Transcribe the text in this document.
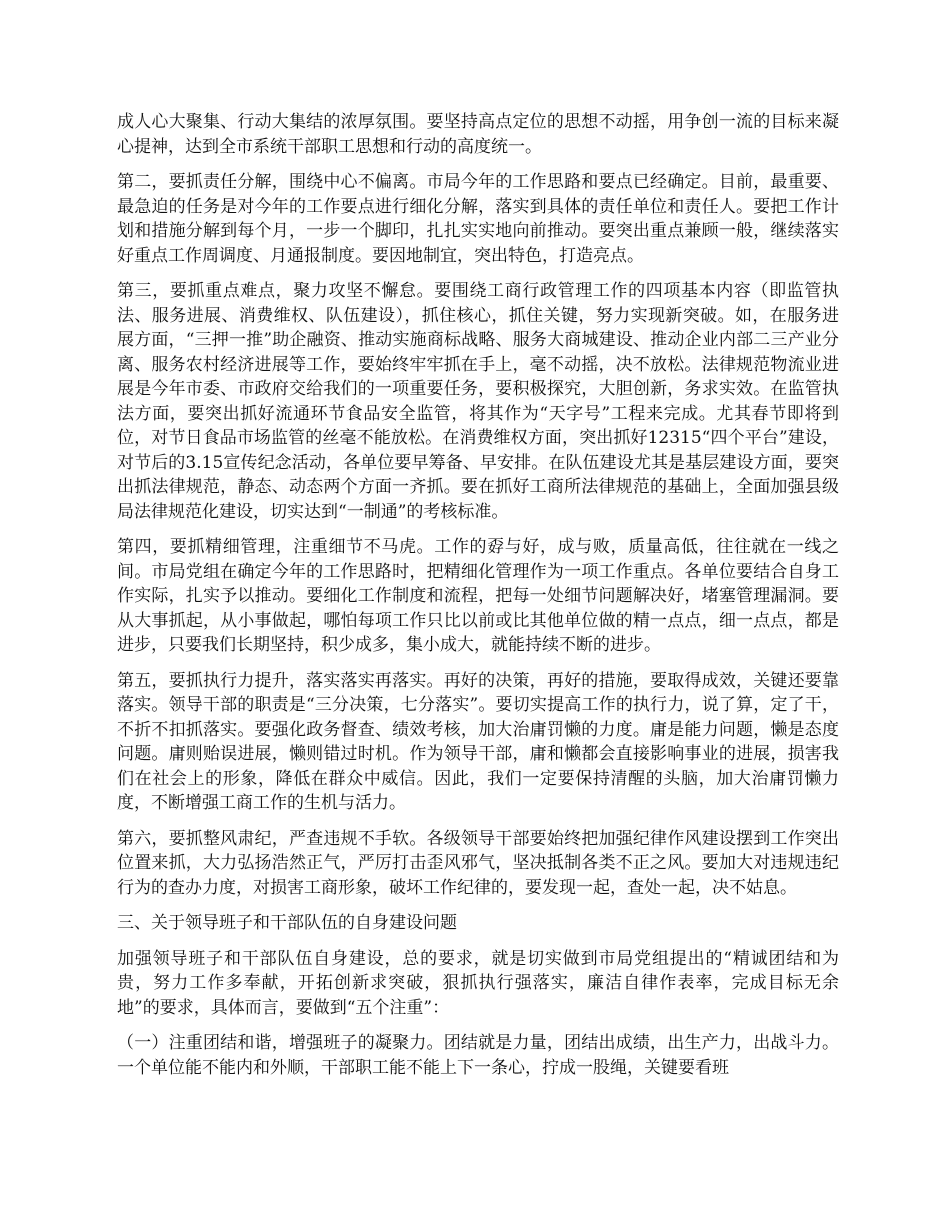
成人心大聚集、行动大集结的浓厚氛围。要坚持高点定位的思想不动摇，用争创一流的目标来凝心提神，达到全市系统干部职工思想和行动的高度统一。

第二，要抓责任分解，围绕中心不偏离。市局今年的工作思路和要点已经确定。目前，最重要、最急迫的任务是对今年的工作要点进行细化分解，落实到具体的责任单位和责任人。要把工作计划和措施分解到每个月，一步一个脚印，扎扎实实地向前推动。要突出重点兼顾一般，继续落实好重点工作周调度、月通报制度。要因地制宜，突出特色，打造亮点。

第三，要抓重点难点，聚力攻坚不懈怠。要围绕工商行政管理工作的四项基本内容（即监管执法、服务进展、消费维权、队伍建设），抓住核心，抓住关键，努力实现新突破。如，在服务进展方面，“三押一推”助企融资、推动实施商标战略、服务大商城建设、推动企业内部二三产业分离、服务农村经济进展等工作，要始终牢牢抓在手上，毫不动摇，决不放松。法律规范物流业进展是今年市委、市政府交给我们的一项重要任务，要积极探究，大胆创新，务求实效。在监管执法方面，要突出抓好流通环节食品安全监管，将其作为“天字号”工程来完成。尤其春节即将到位，对节日食品市场监管的丝毫不能放松。在消费维权方面，突出抓好12315“四个平台”建设，对节后的3.15宣传纪念活动，各单位要早筹备、早安排。在队伍建设尤其是基层建设方面，要突出抓法律规范，静态、动态两个方面一齐抓。要在抓好工商所法律规范的基础上，全面加强县级局法律规范化建设，切实达到“一制通”的考核标准。

第四，要抓精细管理，注重细节不马虎。工作的孬与好，成与败，质量高低，往往就在一线之间。市局党组在确定今年的工作思路时，把精细化管理作为一项工作重点。各单位要结合自身工作实际，扎实予以推动。要细化工作制度和流程，把每一处细节问题解决好，堵塞管理漏洞。要从大事抓起，从小事做起，哪怕每项工作只比以前或比其他单位做的精一点点，细一点点，都是进步，只要我们长期坚持，积少成多，集小成大，就能持续不断的进步。

第五，要抓执行力提升，落实落实再落实。再好的决策，再好的措施，要取得成效，关键还要靠落实。领导干部的职责是“三分决策，七分落实”。要切实提高工作的执行力，说了算，定了干，不折不扣抓落实。要强化政务督查、绩效考核，加大治庸罚懒的力度。庸是能力问题，懒是态度问题。庸则贻误进展，懒则错过时机。作为领导干部，庸和懒都会直接影响事业的进展，损害我们在社会上的形象，降低在群众中威信。因此，我们一定要保持清醒的头脑，加大治庸罚懒力度，不断增强工商工作的生机与活力。

第六，要抓整风肃纪，严查违规不手软。各级领导干部要始终把加强纪律作风建设摆到工作突出位置来抓，大力弘扬浩然正气，严厉打击歪风邪气，坚决抵制各类不正之风。要加大对违规违纪行为的查办力度，对损害工商形象，破坏工作纪律的，要发现一起，查处一起，决不姑息。

三、关于领导班子和干部队伍的自身建设问题

加强领导班子和干部队伍自身建设，总的要求，就是切实做到市局党组提出的“精诚团结和为贵，努力工作多奉献，开拓创新求突破，狠抓执行强落实，廉洁自律作表率，完成目标无余地”的要求，具体而言，要做到“五个注重”：

（一）注重团结和谐，增强班子的凝聚力。团结就是力量，团结出成绩，出生产力，出战斗力。一个单位能不能内和外顺，干部职工能不能上下一条心，拧成一股绳，关键要看班
